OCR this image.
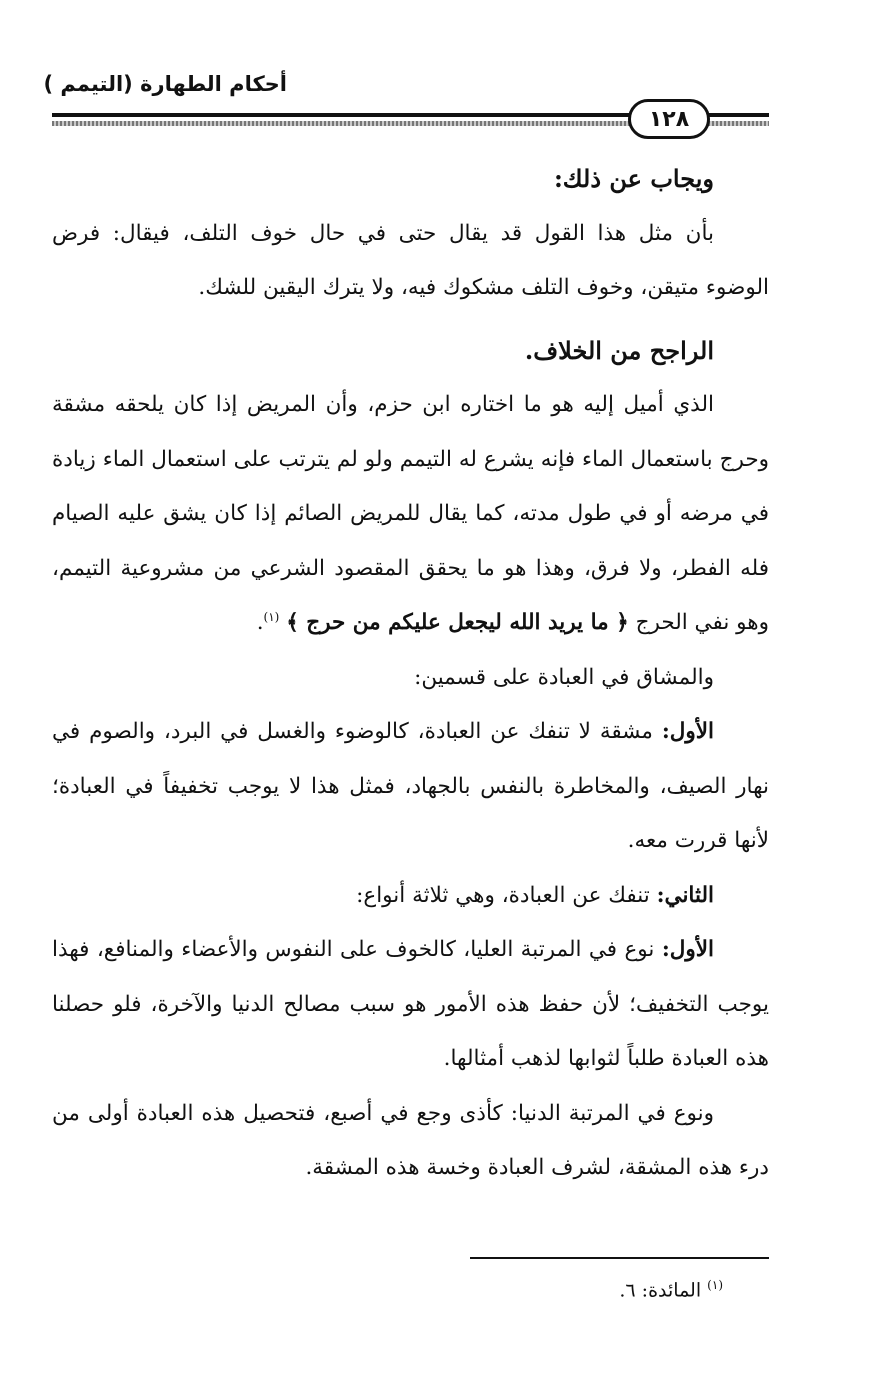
أحكام الطهارة (التيمم )
١٢٨

ويجاب عن ذلك:

بأن مثل هذا القول قد يقال حتى في حال خوف التلف، فيقال: فرض الوضوء متيقن، وخوف التلف مشكوك فيه، ولا يترك اليقين للشك.

الراجح من الخلاف.

الذي أميل إليه هو ما اختاره ابن حزم، وأن المريض إذا كان يلحقه مشقة وحرج باستعمال الماء فإنه يشرع له التيمم ولو لم يترتب على استعمال الماء زيادة في مرضه أو في طول مدته، كما يقال للمريض الصائم إذا كان يشق عليه الصيام فله الفطر، ولا فرق، وهذا هو ما يحقق المقصود الشرعي من مشروعية التيمم، وهو نفي الحرج ﴿ ما يريد الله ليجعل عليكم من حرج ﴾ $^{(١)}$.

والمشاق في العبادة على قسمين:

الأول: مشقة لا تنفك عن العبادة، كالوضوء والغسل في البرد، والصوم في نهار الصيف، والمخاطرة بالنفس بالجهاد، فمثل هذا لا يوجب تخفيفاً في العبادة؛ لأنها قررت معه.

الثاني: تنفك عن العبادة، وهي ثلاثة أنواع:

الأول: نوع في المرتبة العليا، كالخوف على النفوس والأعضاء والمنافع، فهذا يوجب التخفيف؛ لأن حفظ هذه الأمور هو سبب مصالح الدنيا والآخرة، فلو حصلنا هذه العبادة طلباً لثوابها لذهب أمثالها.

ونوع في المرتبة الدنيا: كأذى وجع في أصبع، فتحصيل هذه العبادة أولى من درء هذه المشقة، لشرف العبادة وخسة هذه المشقة.

$^{(١)}$ المائدة: ٦.
